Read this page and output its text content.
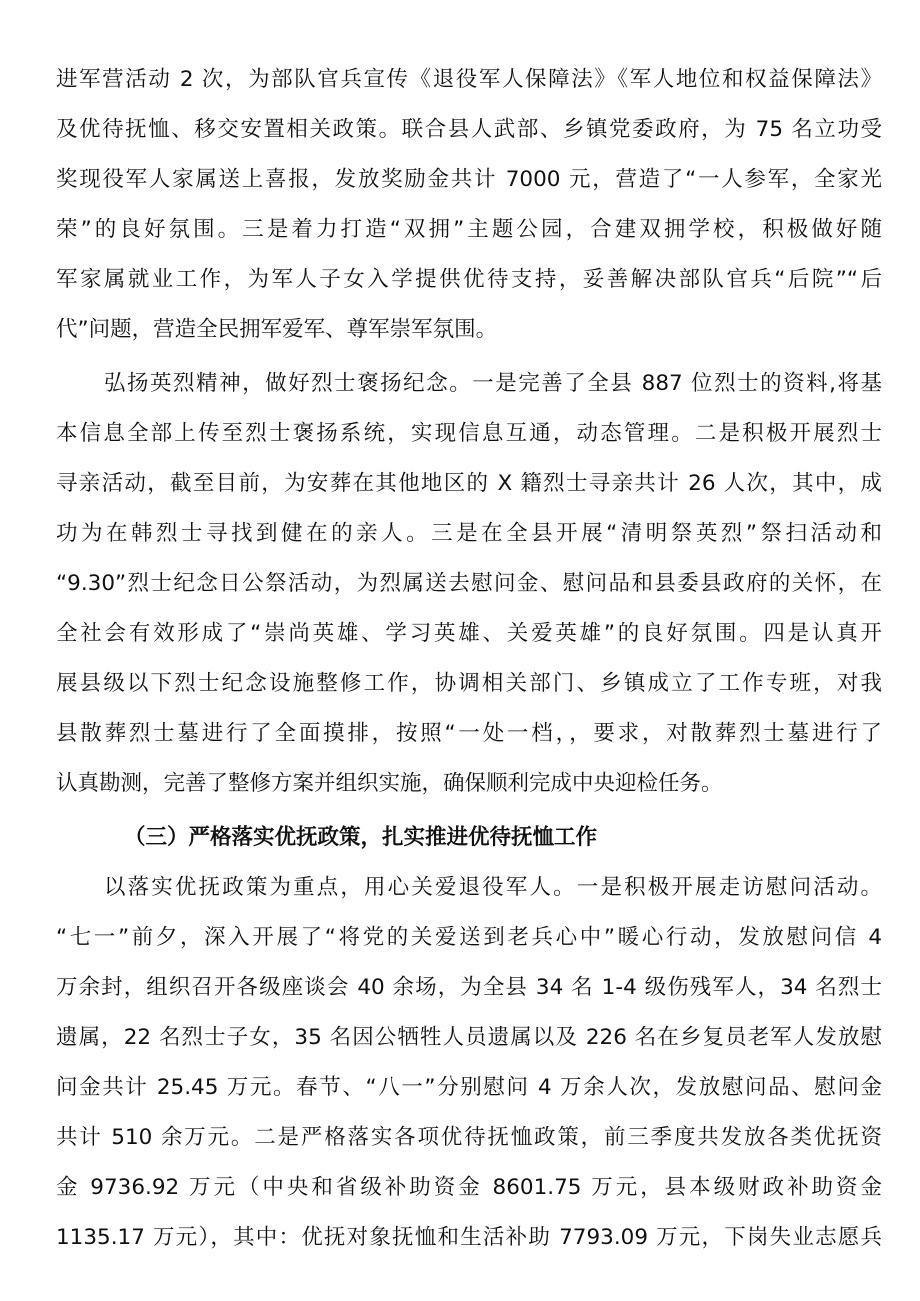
进军营活动 2 次，为部队官兵宣传《退役军人保障法》《军人地位和权益保障法》
及优待抚恤、移交安置相关政策。联合县人武部、乡镇党委政府，为 75 名立功受
奖现役军人家属送上喜报，发放奖励金共计 7000 元，营造了“一人参军，全家光
荣”的良好氛围。三是着力打造“双拥”主题公园，合建双拥学校，积极做好随
军家属就业工作，为军人子女入学提供优待支持，妥善解决部队官兵“后院”“后
代”问题，营造全民拥军爱军、尊军崇军氛围。
弘扬英烈精神，做好烈士褒扬纪念。一是完善了全县 887 位烈士的资料,将基
本信息全部上传至烈士褒扬系统，实现信息互通，动态管理。二是积极开展烈士
寻亲活动，截至目前，为安葬在其他地区的 X 籍烈士寻亲共计 26 人次，其中，成
功为在韩烈士寻找到健在的亲人。三是在全县开展“清明祭英烈”祭扫活动和
“9.30”烈士纪念日公祭活动，为烈属送去慰问金、慰问品和县委县政府的关怀，在
全社会有效形成了“崇尚英雄、学习英雄、关爱英雄”的良好氛围。四是认真开
展县级以下烈士纪念设施整修工作，协调相关部门、乡镇成立了工作专班，对我
县散葬烈士墓进行了全面摸排，按照“一处一档，，要求，对散葬烈士墓进行了
认真勘测，完善了整修方案并组织实施，确保顺利完成中央迎检任务。
（三）严格落实优抚政策，扎实推进优待抚恤工作
以落实优抚政策为重点，用心关爱退役军人。一是积极开展走访慰问活动。
“七一”前夕，深入开展了“将党的关爱送到老兵心中”暖心行动，发放慰问信 4
万余封，组织召开各级座谈会 40 余场，为全县 34 名 1-4 级伤残军人，34 名烈士
遗属，22 名烈士子女，35 名因公牺牲人员遗属以及 226 名在乡复员老军人发放慰
问金共计 25.45 万元。春节、“八一”分别慰问 4 万余人次，发放慰问品、慰问金
共计 510 余万元。二是严格落实各项优待抚恤政策，前三季度共发放各类优抚资
金 9736.92 万元（中央和省级补助资金 8601.75 万元，县本级财政补助资金
1135.17 万元），其中：优抚对象抚恤和生活补助 7793.09 万元，下岗失业志愿兵
